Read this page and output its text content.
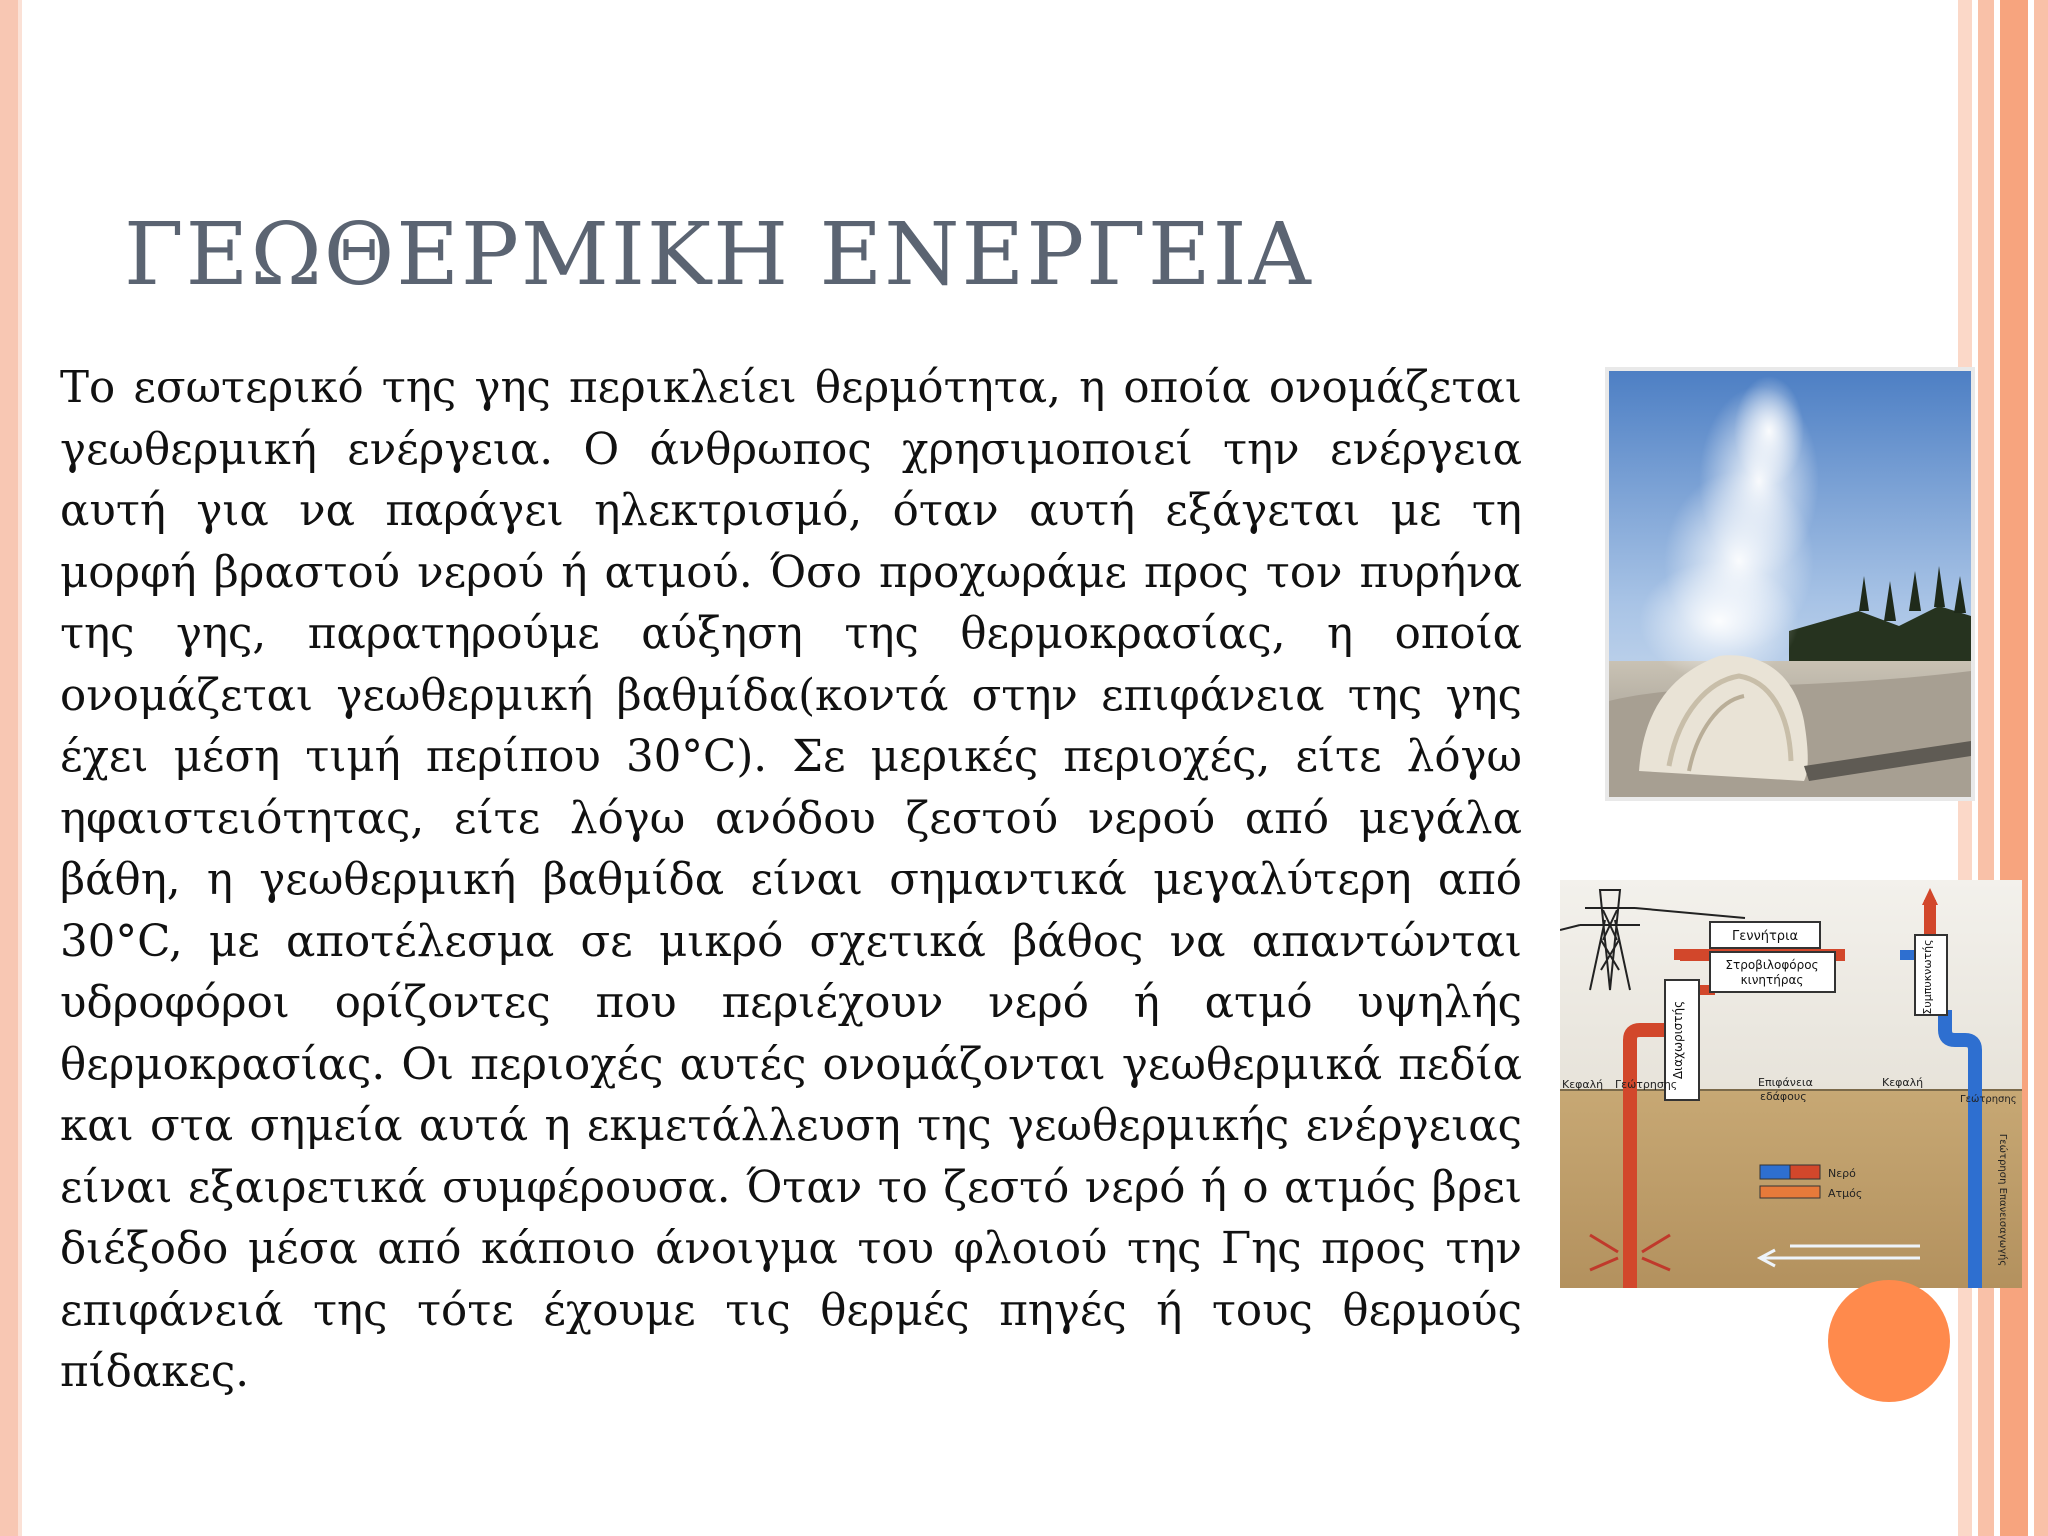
ΓΕΩΘΕΡΜΙΚΗ ΕΝΕΡΓΕΙΑ

Το εσωτερικό της γης περικλείει θερμότητα, η οποία ονομάζεται γεωθερμική ενέργεια. Ο άνθρωπος χρησιμοποιεί την ενέργεια αυτή για να παράγει ηλεκτρισμό, όταν αυτή εξάγεται με τη μορφή βραστού νερού ή ατμού. Όσο προχωράμε προς τον πυρήνα της γης, παρατηρούμε αύξηση της θερμοκρασίας, η οποία ονομάζεται γεωθερμική βαθμίδα(κοντά στην επιφάνεια της γης έχει μέση τιμή περίπου 30°C). Σε μερικές περιοχές, είτε λόγω ηφαιστειότητας, είτε λόγω ανόδου ζεστού νερού από μεγάλα βάθη, η γεωθερμική βαθμίδα είναι σημαντικά μεγαλύτερη από 30°C, με αποτέλεσμα σε μικρό σχετικά βάθος να απαντώνται υδροφόροι ορίζοντες που περιέχουν νερό ή ατμό υψηλής θερμοκρασίας. Οι περιοχές αυτές ονομάζονται γεωθερμικά πεδία και στα σημεία αυτά η εκμετάλλευση της γεωθερμικής ενέργειας είναι εξαιρετικά συμφέρουσα. Όταν το ζεστό νερό ή ο ατμός βρει διέξοδο μέσα από κάποιο άνοιγμα του φλοιού της Γης προς την επιφάνειά της τότε έχουμε τις θερμές πηγές ή τους θερμούς πίδακες.

Διαχωριστής
Γεννήτρια
Στροβιλοφόρος
κινητήρας	Συμπυκνωτής
Κεφαλή Γεώτρησης	Επιφάνεια
εδάφους
Κεφαλή
Γεώτρησης
Γεώτρηση Επανεισαγωγής
Νερό
Ατμός
